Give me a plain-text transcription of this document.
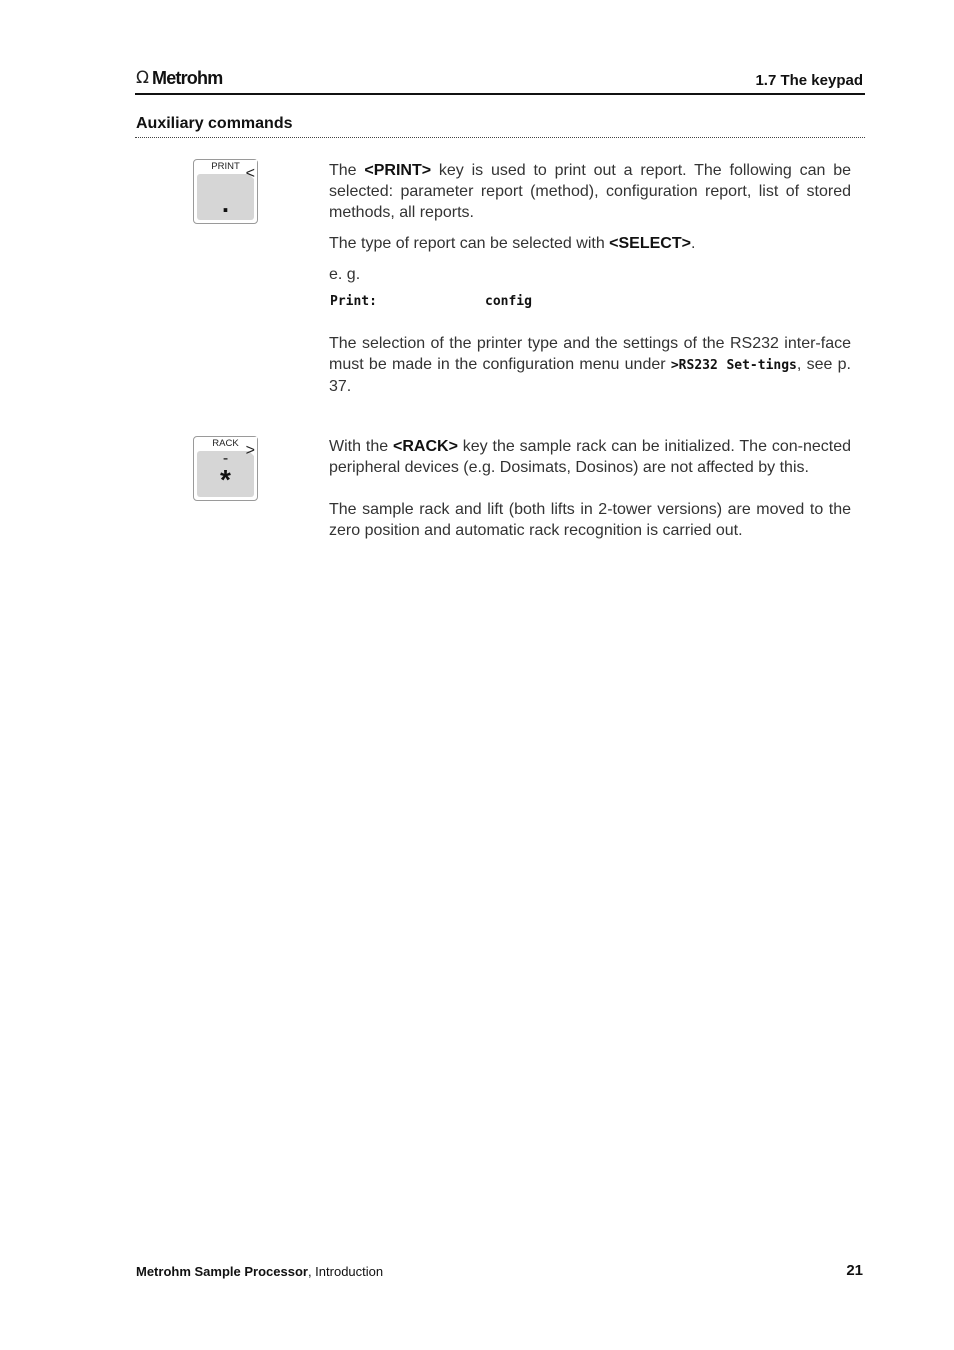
Ω Metrohm	1.7 The keypad
Auxiliary commands
PRINT <
.
The <PRINT> key is used to print out a report. The following can be selected: parameter report (method), configuration report, list of stored methods, all reports.
The type of report can be selected with <SELECT>.
e. g.
Print:	config
The selection of the printer type and the settings of the RS232 inter-face must be made in the configuration menu under >RS232 Set-tings, see p. 37.
RACK >
-
*
With the <RACK> key the sample rack can be initialized. The con-nected peripheral devices (e.g. Dosimats, Dosinos) are not affected by this.
The sample rack and lift (both lifts in 2-tower versions) are moved to the zero position and automatic rack recognition is carried out.
Metrohm Sample Processor, Introduction	21
